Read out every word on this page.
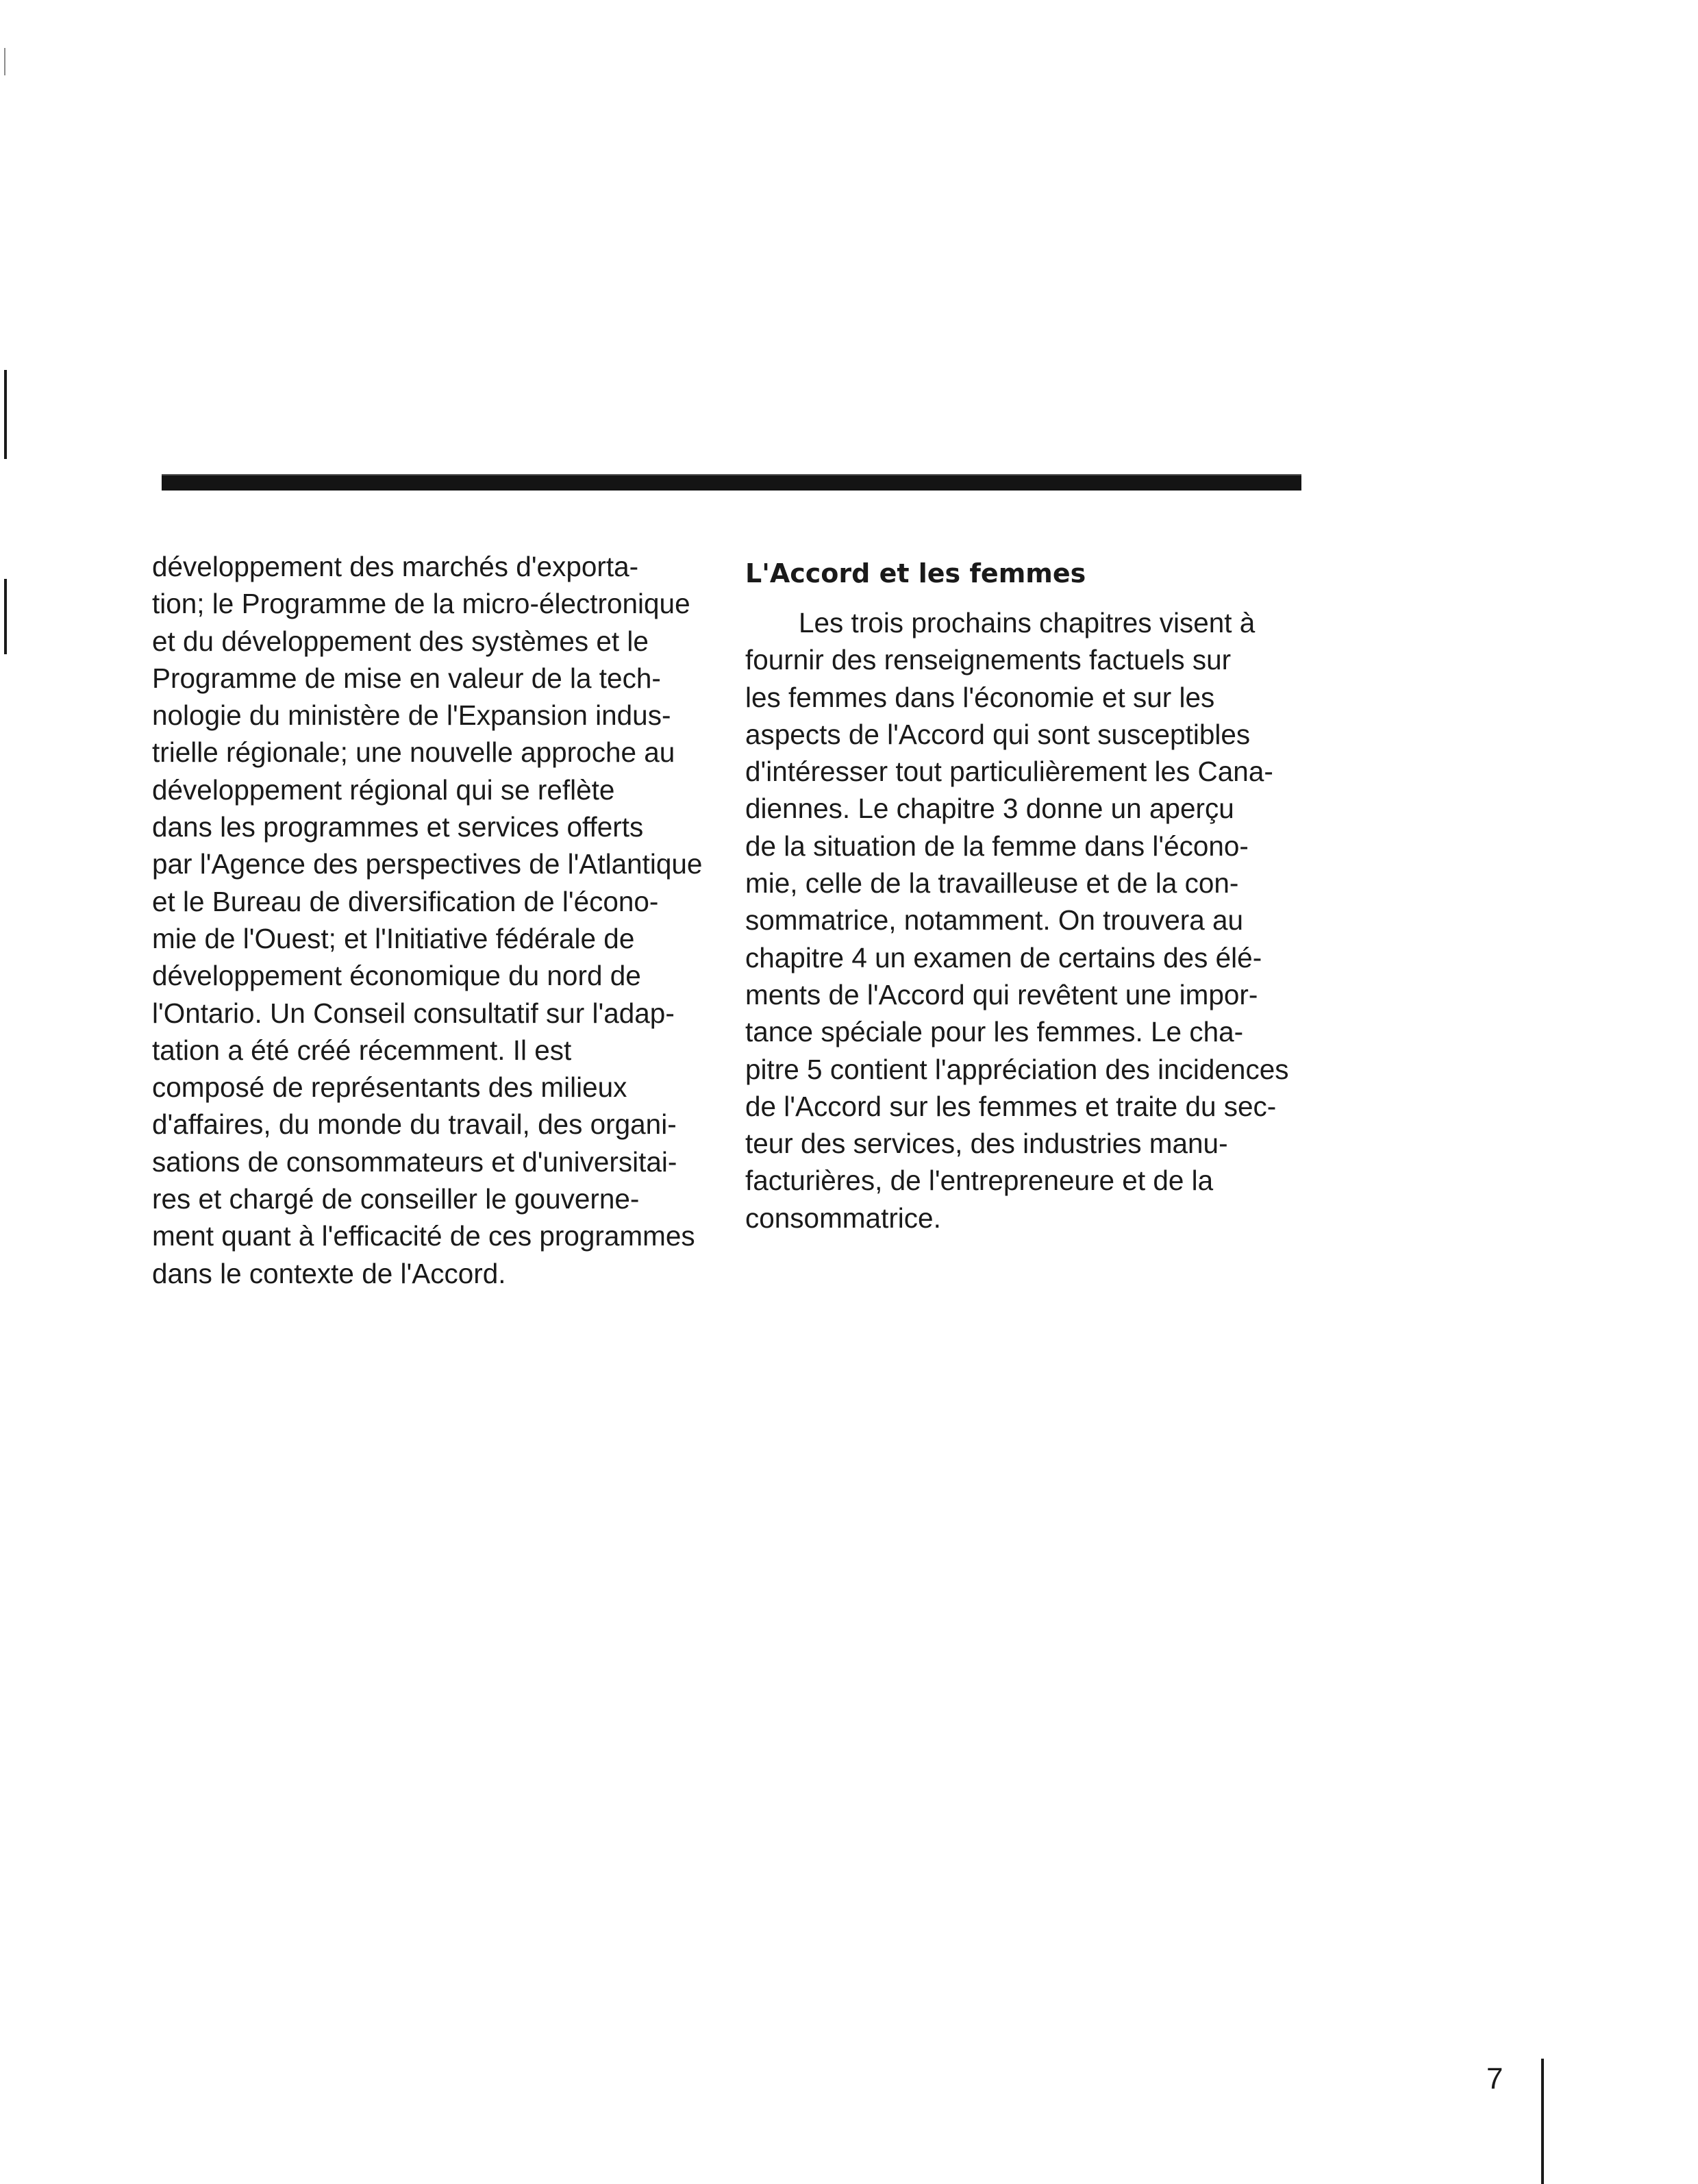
développement des marchés d'exporta-
tion; le Programme de la micro-électronique
et du développement des systèmes et le
Programme de mise en valeur de la tech-
nologie du ministère de l'Expansion indus-
trielle régionale; une nouvelle approche au
développement régional qui se reflète
dans les programmes et services offerts
par l'Agence des perspectives de l'Atlantique
et le Bureau de diversification de l'écono-
mie de l'Ouest; et l'Initiative fédérale de
développement économique du nord de
l'Ontario. Un Conseil consultatif sur l'adap-
tation a été créé récemment. Il est
composé de représentants des milieux
d'affaires, du monde du travail, des organi-
sations de consommateurs et d'universitai-
res et chargé de conseiller le gouverne-
ment quant à l'efficacité de ces programmes
dans le contexte de l'Accord.
L'Accord et les femmes
Les trois prochains chapitres visent à
fournir des renseignements factuels sur
les femmes dans l'économie et sur les
aspects de l'Accord qui sont susceptibles
d'intéresser tout particulièrement les Cana-
diennes. Le chapitre 3 donne un aperçu
de la situation de la femme dans l'écono-
mie, celle de la travailleuse et de la con-
sommatrice, notamment. On trouvera au
chapitre 4 un examen de certains des élé-
ments de l'Accord qui revêtent une impor-
tance spéciale pour les femmes. Le cha-
pitre 5 contient l'appréciation des incidences
de l'Accord sur les femmes et traite du sec-
teur des services, des industries manu-
facturières, de l'entrepreneure et de la
consommatrice.
7
